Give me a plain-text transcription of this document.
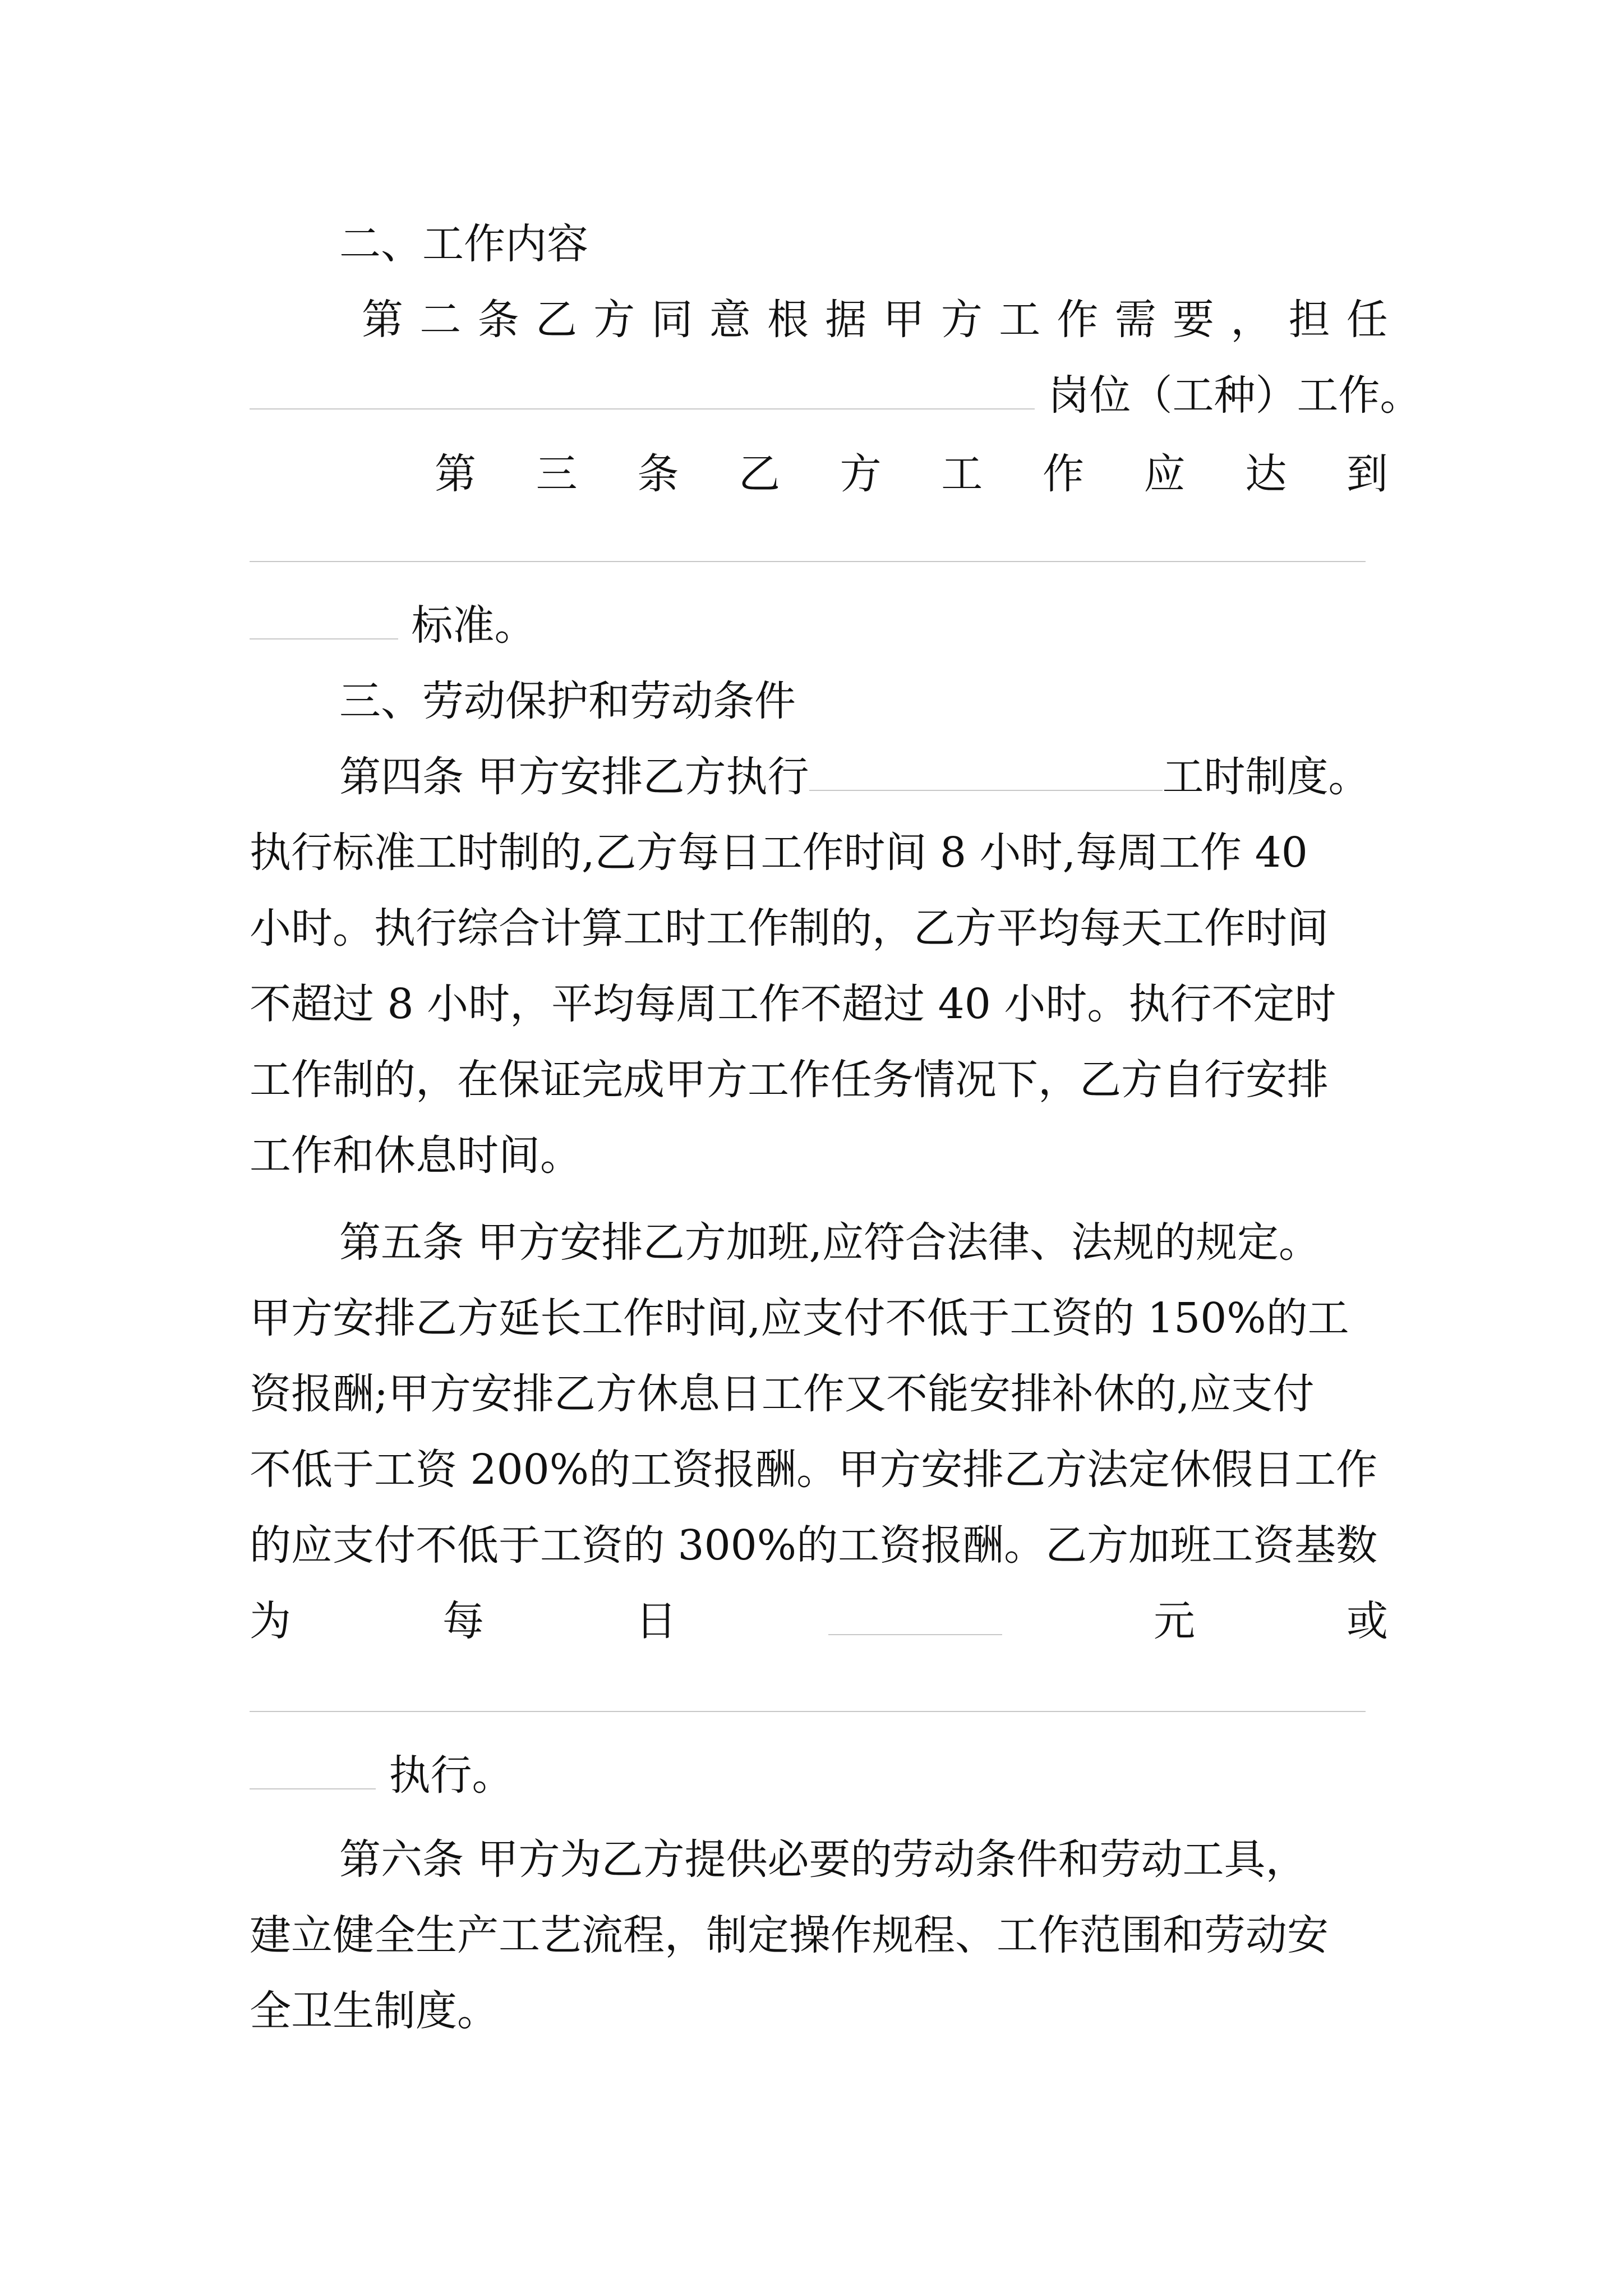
二、工作内容
第 二 条 乙 方 同 意 根 据 甲 方 工 作 需 要 ， 担 任
岗位（工种）工作。
第 三 条 乙 方 工 作 应 达 到
标准。
三、劳动保护和劳动条件
第四条 甲方安排乙方执行	工时制度。
执行标准工时制的,乙方每日工作时间 8 小时,每周工作 40
小时。执行综合计算工时工作制的，乙方平均每天工作时间
不超过 8 小时，平均每周工作不超过 40 小时。执行不定时
工作制的，在保证完成甲方工作任务情况下，乙方自行安排
工作和休息时间。
第五条 甲方安排乙方加班,应符合法律、法规的规定。
甲方安排乙方延长工作时间,应支付不低于工资的 150%的工
资报酬;甲方安排乙方休息日工作又不能安排补休的,应支付
不低于工资 200%的工资报酬。甲方安排乙方法定休假日工作
的应支付不低于工资的 300%的工资报酬。乙方加班工资基数
为	每	日	元	或
执行。
第六条 甲方为乙方提供必要的劳动条件和劳动工具，
建立健全生产工艺流程，制定操作规程、工作范围和劳动安
全卫生制度。
